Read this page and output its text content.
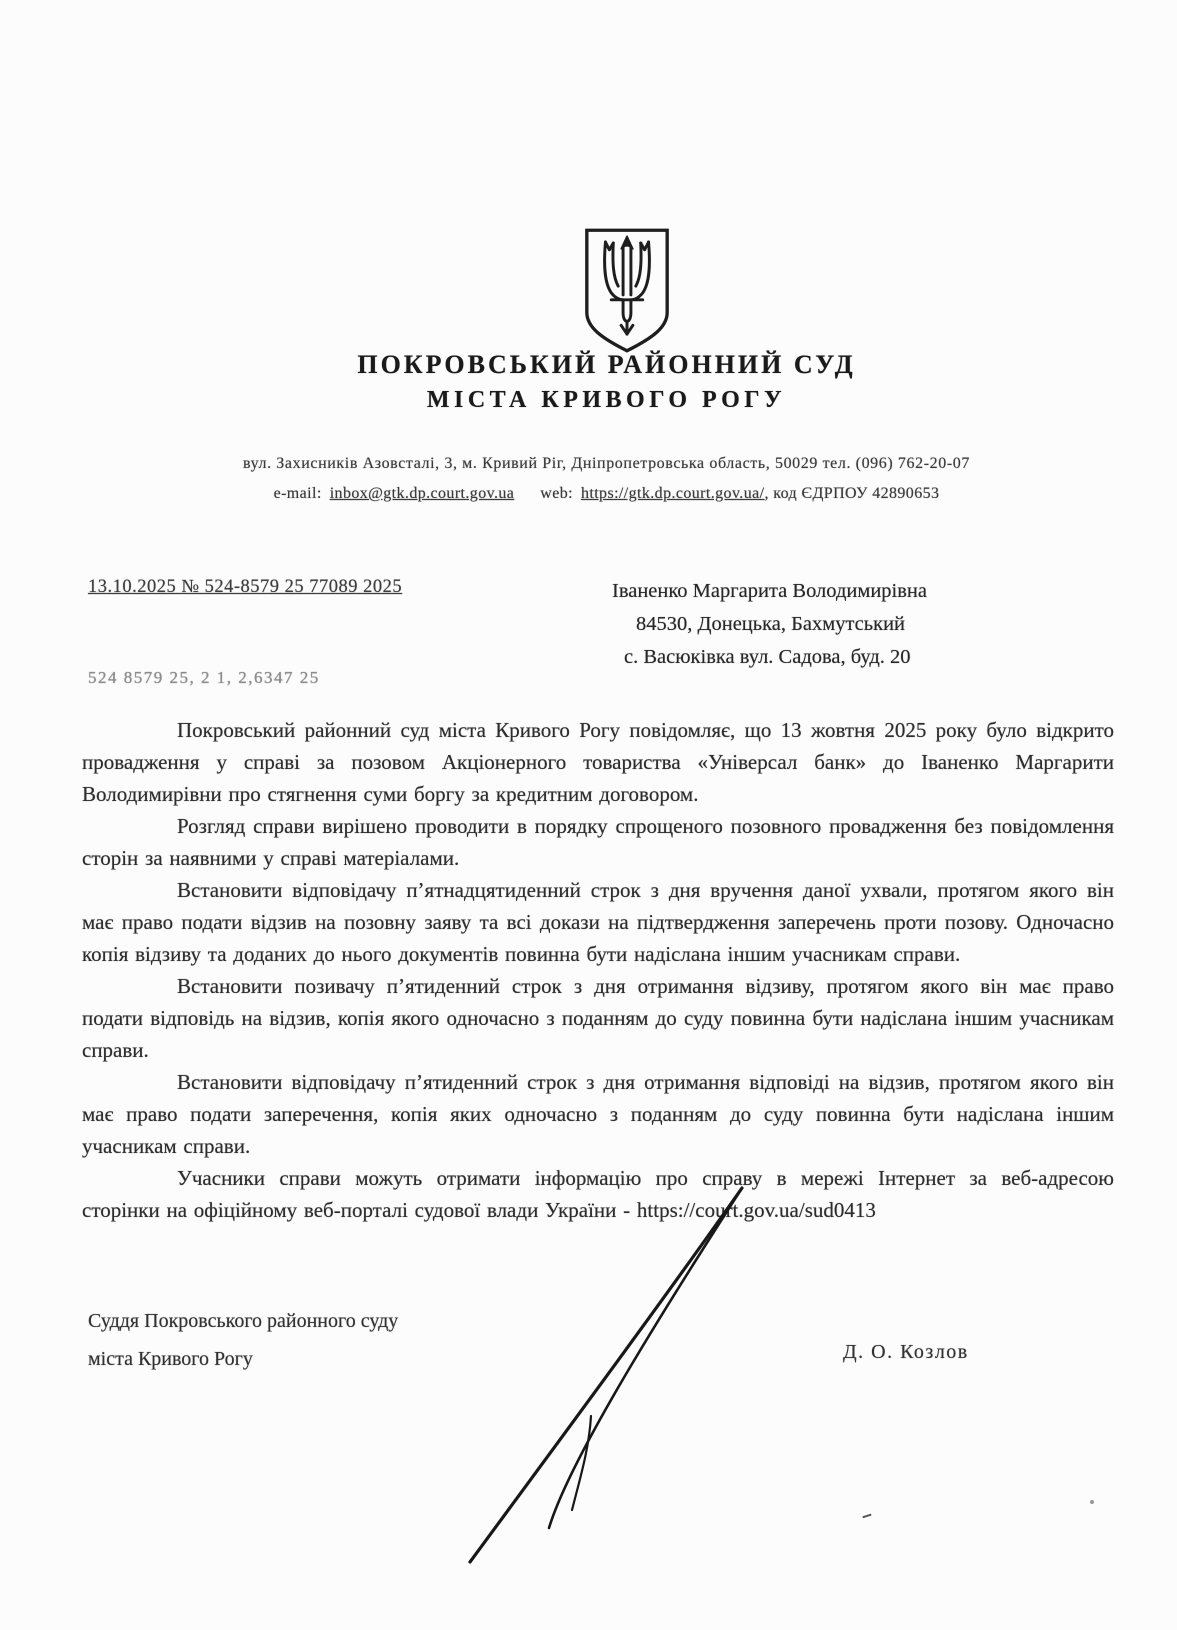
ПОКРОВСЬКИЙ РАЙОННИЙ СУД
МІСТА КРИВОГО РОГУ
вул. Захисників Азовсталі, 3, м. Кривий Ріг, Дніпропетровська область, 50029 тел. (096) 762-20-07
e-mail: inbox@gtk.dp.court.gov.ua web: https://gtk.dp.court.gov.ua/, код ЄДРПОУ 42890653
13.10.2025 № 524-8579 25 77089 2025	Іваненко Маргарита Володимирівна
84530, Донецька, Бахмутський
с. Васюківка вул. Садова, буд. 20
524 8579 25, 2 1, 2,6347 25

Покровський районний суд міста Кривого Рогу повідомляє, що 13 жовтня 2025 року було відкрито провадження у справі за позовом Акціонерного товариства «Універсал банк» до Іваненко Маргарити Володимирівни про стягнення суми боргу за кредитним договором.

Розгляд справи вирішено проводити в порядку спрощеного позовного провадження без повідомлення сторін за наявними у справі матеріалами.

Встановити відповідачу п’ятнадцятиденний строк з дня вручення даної ухвали, протягом якого він має право подати відзив на позовну заяву та всі докази на підтвердження заперечень проти позову. Одночасно копія відзиву та доданих до нього документів повинна бути надіслана іншим учасникам справи.

Встановити позивачу п’ятиденний строк з дня отримання відзиву, протягом якого він має право подати відповідь на відзив, копія якого одночасно з поданням до суду повинна бути надіслана іншим учасникам справи.

Встановити відповідачу п’ятиденний строк з дня отримання відповіді на відзив, протягом якого він має право подати заперечення, копія яких одночасно з поданням до суду повинна бути надіслана іншим учасникам справи.

Учасники справи можуть отримати інформацію про справу в мережі Інтернет за веб-адресою сторінки на офіційному веб-порталі судової влади України - https://court.gov.ua/sud0413

Суддя Покровського районного суду
міста Кривого Рогу	Д. О. Козлов
